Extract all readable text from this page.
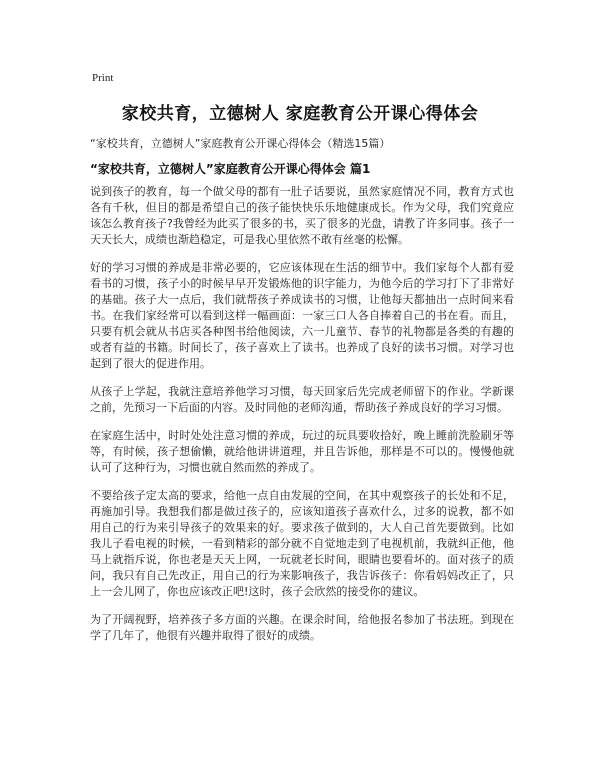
Print
家校共育，立德树人 家庭教育公开课心得体会

“家校共育，立德树人”家庭教育公开课心得体会（精选15篇）

“家校共育，立德树人”家庭教育公开课心得体会 篇1

说到孩子的教育，每一个做父母的都有一肚子话要说，虽然家庭情况不同，教育方式也各有千秋，但目的都是希望自己的孩子能快快乐乐地健康成长。作为父母，我们究竟应该怎么教育孩子?我曾经为此买了很多的书，买了很多的光盘，请教了许多同事。孩子一天天长大，成绩也渐趋稳定，可是我心里依然不敢有丝毫的松懈。

好的学习习惯的养成是非常必要的，它应该体现在生活的细节中。我们家每个人都有爱看书的习惯，孩子小的时候早早开发锻炼他的识字能力，为他今后的学习打下了非常好的基础。孩子大一点后，我们就帮孩子养成读书的习惯，让他每天都抽出一点时间来看书。在我们家经常可以看到这样一幅画面：一家三口人各自捧着自己的书在看。而且，只要有机会就从书店买各种图书给他阅读，六一儿童节、春节的礼物都是各类的有趣的或者有益的书籍。时间长了，孩子喜欢上了读书。也养成了良好的读书习惯。对学习也起到了很大的促进作用。

从孩子上学起，我就注意培养他学习习惯，每天回家后先完成老师留下的作业。学新课之前，先预习一下后面的内容。及时同他的老师沟通，帮助孩子养成良好的学习习惯。

在家庭生活中，时时处处注意习惯的养成，玩过的玩具要收拾好，晚上睡前洗脸刷牙等等，有时候，孩子想偷懒，就给他讲讲道理，并且告诉他，那样是不可以的。慢慢他就认可了这种行为，习惯也就自然而然的养成了。

不要给孩子定太高的要求，给他一点自由发展的空间，在其中观察孩子的长处和不足，再施加引导。我想我们都是做过孩子的，应该知道孩子喜欢什么，过多的说教，都不如用自己的行为来引导孩子的效果来的好。要求孩子做到的，大人自己首先要做到。比如我儿子看电视的时候，一看到精彩的部分就不自觉地走到了电视机前，我就纠正他，他马上就指斥说，你也老是天天上网，一玩就老长时间，眼睛也要看坏的。面对孩子的质问，我只有自己先改正，用自己的行为来影响孩子，我告诉孩子：你看妈妈改正了，只上一会儿网了，你也应该改正吧!这时，孩子会欣然的接受你的建议。

为了开阔视野，培养孩子多方面的兴趣。在课余时间，给他报名参加了书法班。到现在学了几年了，他很有兴趣并取得了很好的成绩。
